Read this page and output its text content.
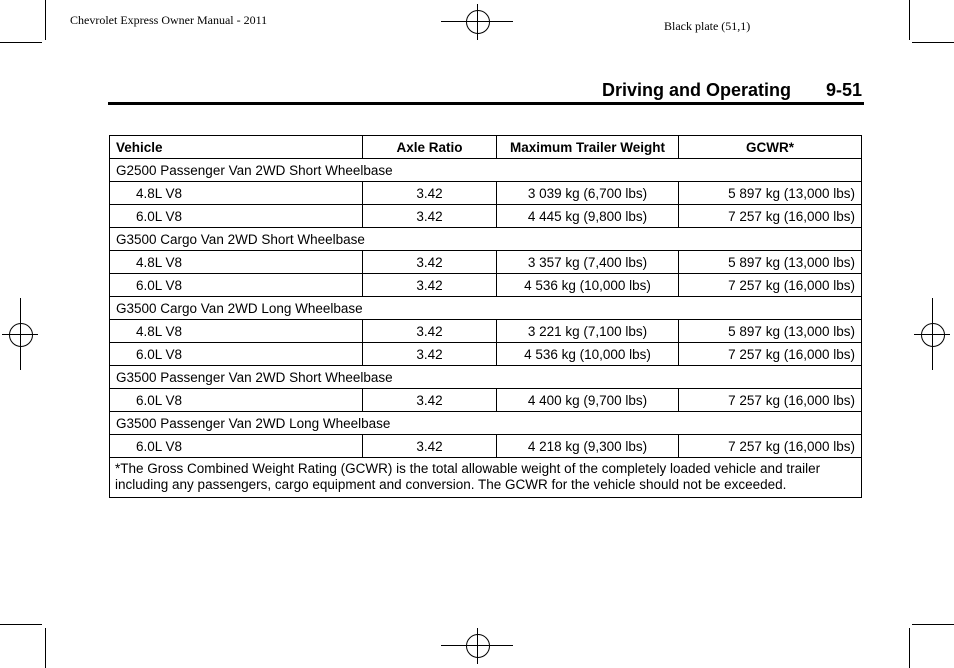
Chevrolet Express Owner Manual - 2011	Black plate (51,1)
Driving and Operating 9-51
Vehicle	Axle Ratio	Maximum Trailer Weight	GCWR*
G2500 Passenger Van 2WD Short Wheelbase			
4.8L V8	3.42	3 039 kg (6,700 lbs)	5 897 kg (13,000 lbs)
6.0L V8	3.42	4 445 kg (9,800 lbs)	7 257 kg (16,000 lbs)
G3500 Cargo Van 2WD Short Wheelbase			
4.8L V8	3.42	3 357 kg (7,400 lbs)	5 897 kg (13,000 lbs)
6.0L V8	3.42	4 536 kg (10,000 lbs)	7 257 kg (16,000 lbs)
G3500 Cargo Van 2WD Long Wheelbase			
4.8L V8	3.42	3 221 kg (7,100 lbs)	5 897 kg (13,000 lbs)
6.0L V8	3.42	4 536 kg (10,000 lbs)	7 257 kg (16,000 lbs)
G3500 Passenger Van 2WD Short Wheelbase			
6.0L V8	3.42	4 400 kg (9,700 lbs)	7 257 kg (16,000 lbs)
G3500 Passenger Van 2WD Long Wheelbase			
6.0L V8	3.42	4 218 kg (9,300 lbs)	7 257 kg (16,000 lbs)
*The Gross Combined Weight Rating (GCWR) is the total allowable weight of the completely loaded vehicle and trailer including any passengers, cargo equipment and conversion. The GCWR for the vehicle should not be exceeded.			
